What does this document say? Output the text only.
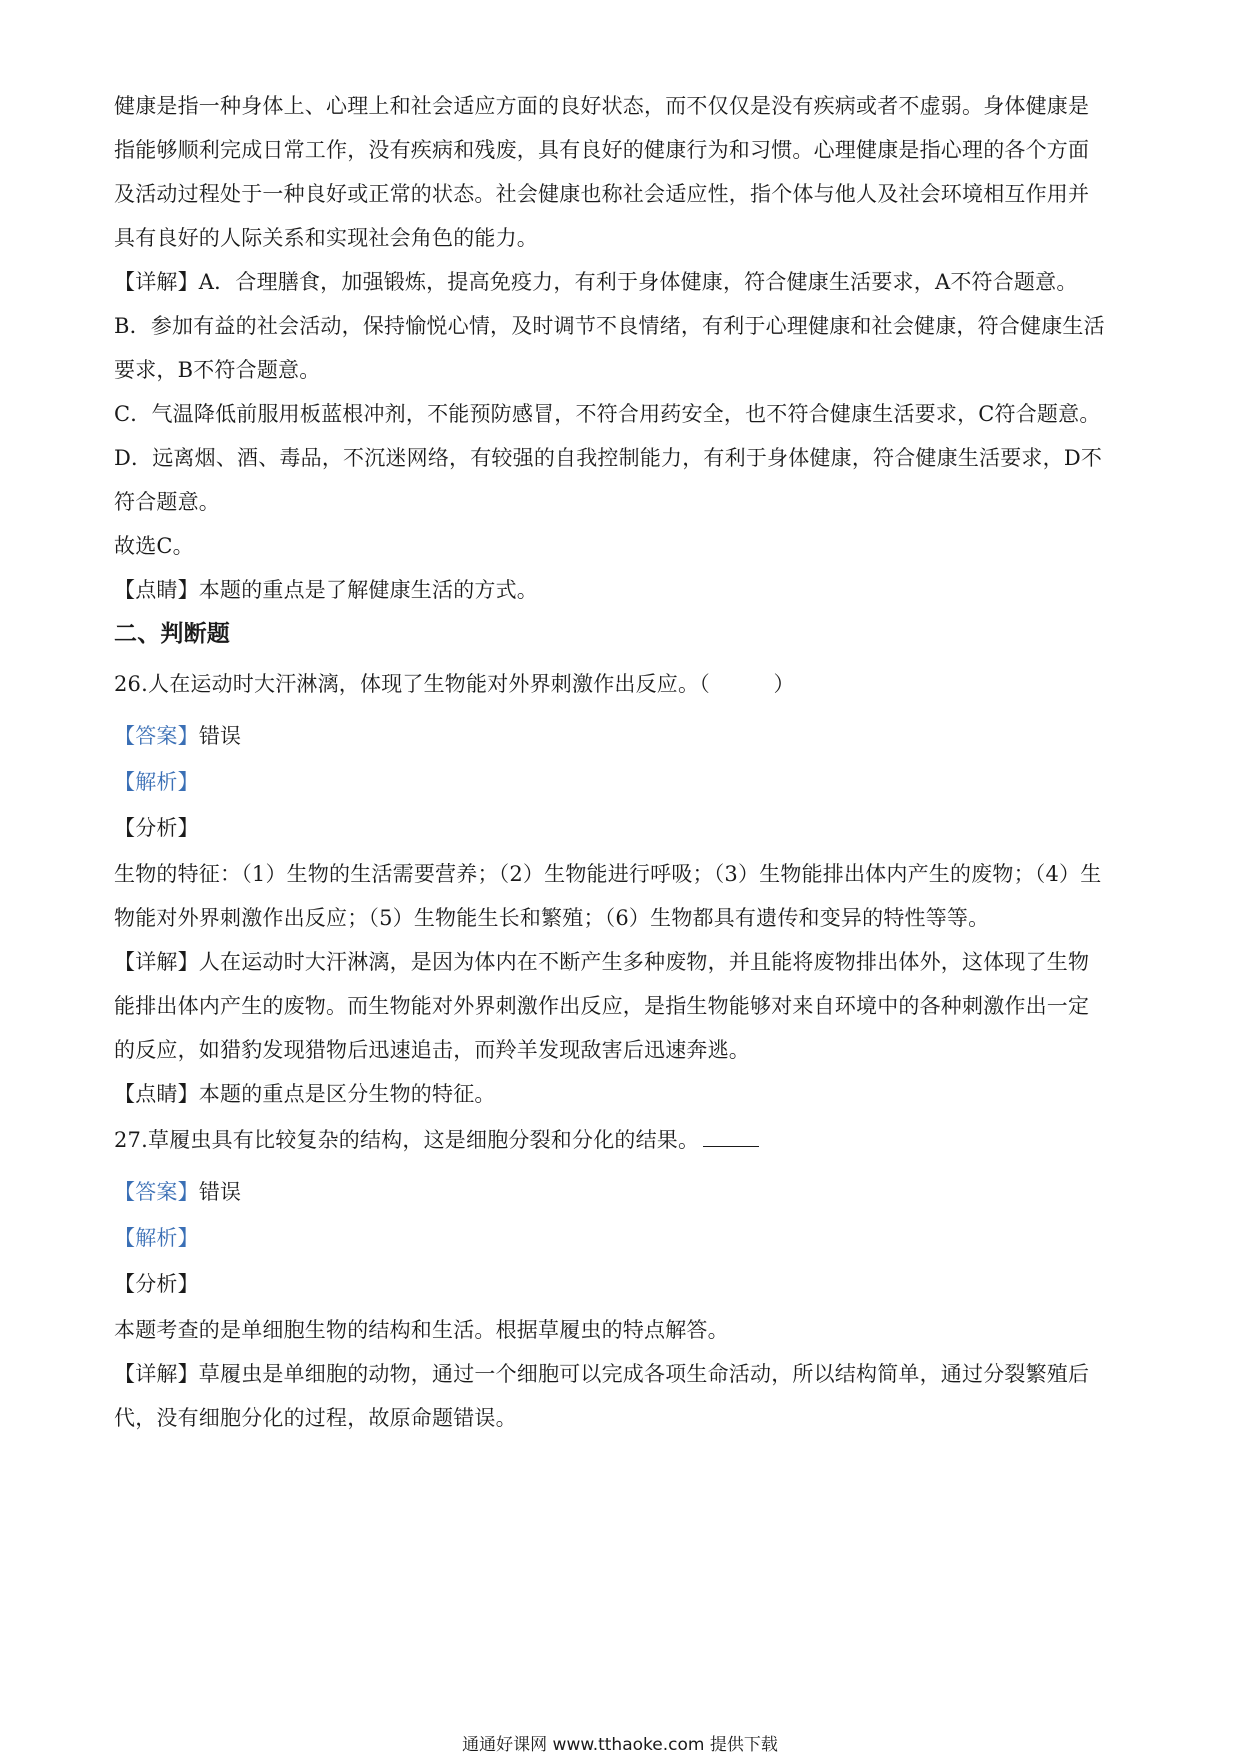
健康是指一种身体上、心理上和社会适应方面的良好状态，而不仅仅是没有疾病或者不虚弱。身体健康是
指能够顺利完成日常工作，没有疾病和残废，具有良好的健康行为和习惯。心理健康是指心理的各个方面
及活动过程处于一种良好或正常的状态。社会健康也称社会适应性，指个体与他人及社会环境相互作用并
具有良好的人际关系和实现社会角色的能力。
【详解】A．合理膳食，加强锻炼，提高免疫力，有利于身体健康，符合健康生活要求，A不符合题意。
B．参加有益的社会活动，保持愉悦心情，及时调节不良情绪，有利于心理健康和社会健康，符合健康生活
要求，B不符合题意。
C．气温降低前服用板蓝根冲剂，不能预防感冒，不符合用药安全，也不符合健康生活要求，C符合题意。
D．远离烟、酒、毒品，不沉迷网络，有较强的自我控制能力，有利于身体健康，符合健康生活要求，D不
符合题意。
故选C。
【点睛】本题的重点是了解健康生活的方式。
二、判断题
26.人在运动时大汗淋漓，体现了生物能对外界刺激作出反应。（　　　）
【答案】错误
【解析】
【分析】
生物的特征：（1）生物的生活需要营养；（2）生物能进行呼吸；（3）生物能排出体内产生的废物；（4）生
物能对外界刺激作出反应；（5）生物能生长和繁殖；（6）生物都具有遗传和变异的特性等等。
【详解】人在运动时大汗淋漓，是因为体内在不断产生多种废物，并且能将废物排出体外，这体现了生物
能排出体内产生的废物。而生物能对外界刺激作出反应，是指生物能够对来自环境中的各种刺激作出一定
的反应，如猎豹发现猎物后迅速追击，而羚羊发现敌害后迅速奔逃。
【点睛】本题的重点是区分生物的特征。
27.草履虫具有比较复杂的结构，这是细胞分裂和分化的结果。
【答案】错误
【解析】
【分析】
本题考查的是单细胞生物的结构和生活。根据草履虫的特点解答。
【详解】草履虫是单细胞的动物，通过一个细胞可以完成各项生命活动，所以结构简单，通过分裂繁殖后
代，没有细胞分化的过程，故原命题错误。
通通好课网 www.tthaoke.com 提供下载
